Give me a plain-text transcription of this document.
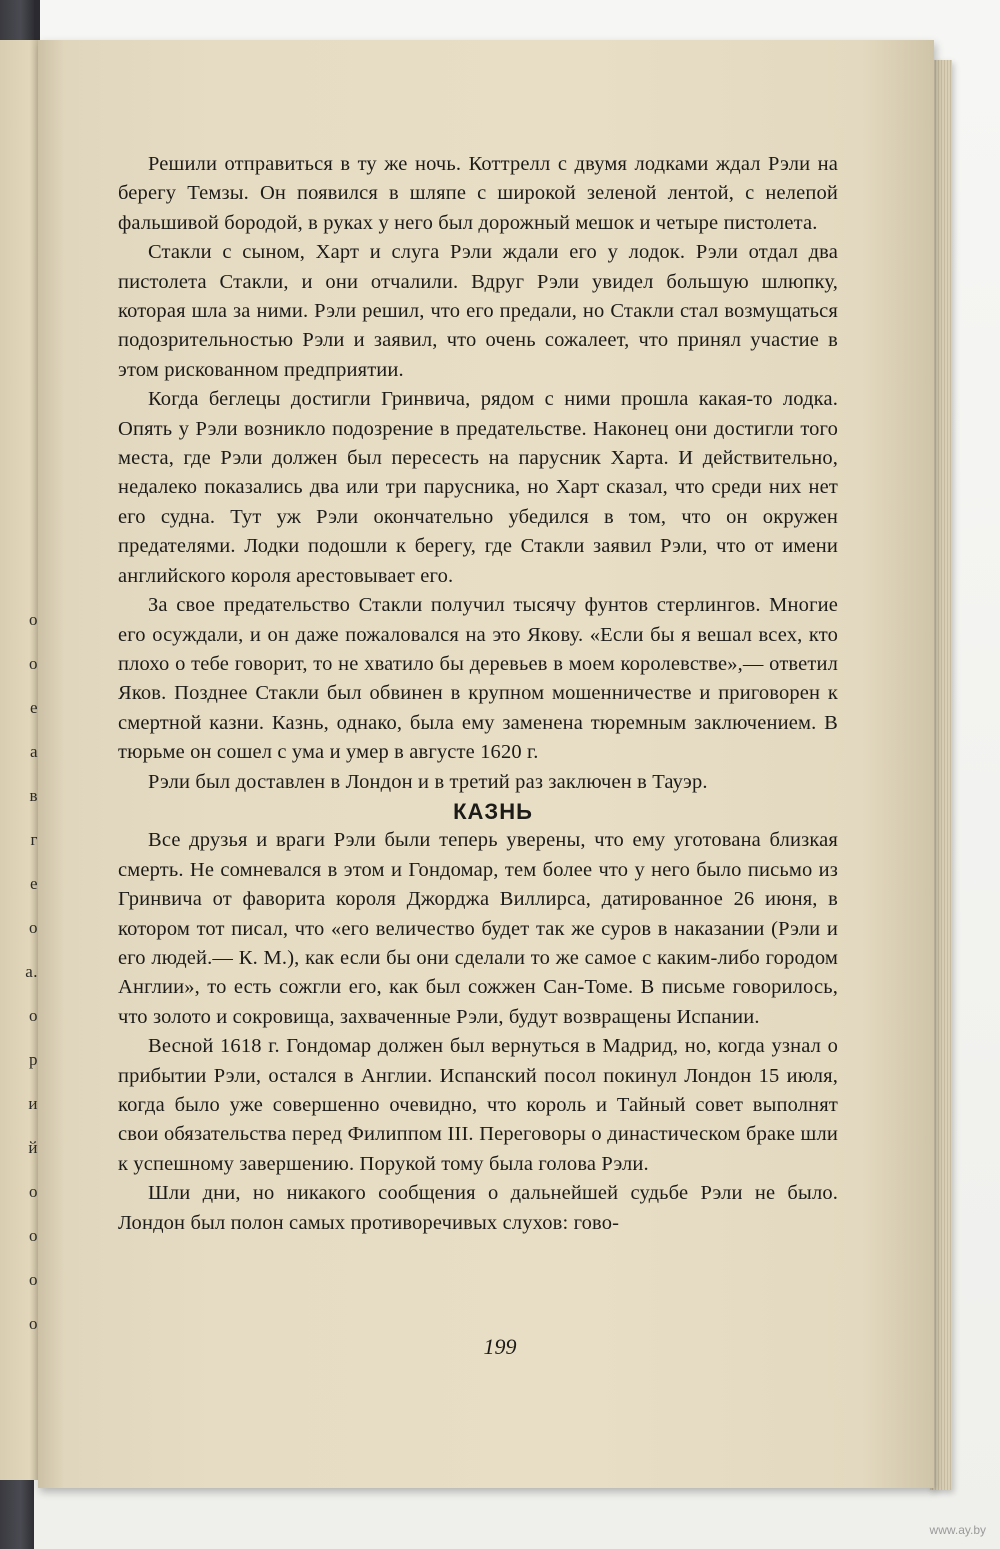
о
о
е
а
в
г
е
о
а.
о
р
и
й
о
о
о
о

Решили отправиться в ту же ночь. Коттрелл с двумя лодками ждал Рэли на берегу Темзы. Он появился в шляпе с широкой зеленой лентой, с нелепой фальшивой бородой, в руках у него был дорожный мешок и четыре пистолета.

Стакли с сыном, Харт и слуга Рэли ждали его у лодок. Рэли отдал два пистолета Стакли, и они отчалили. Вдруг Рэли увидел большую шлюпку, которая шла за ними. Рэли решил, что его предали, но Стакли стал возмущаться подозрительностью Рэли и заявил, что очень сожалеет, что принял участие в этом рискованном предприятии.

Когда беглецы достигли Гринвича, рядом с ними прошла какая-то лодка. Опять у Рэли возникло подозрение в предательстве. Наконец они достигли того места, где Рэли должен был пересесть на парусник Харта. И действительно, недалеко показались два или три парусника, но Харт сказал, что среди них нет его судна. Тут уж Рэли окончательно убедился в том, что он окружен предателями. Лодки подошли к берегу, где Стакли заявил Рэли, что от имени английского короля арестовывает его.

За свое предательство Стакли получил тысячу фунтов стерлингов. Многие его осуждали, и он даже пожаловался на это Якову. «Если бы я вешал всех, кто плохо о тебе говорит, то не хватило бы деревьев в моем королевстве»,— ответил Яков. Позднее Стакли был обвинен в крупном мошенничестве и приговорен к смертной казни. Казнь, однако, была ему заменена тюремным заключением. В тюрьме он сошел с ума и умер в августе 1620 г.

Рэли был доставлен в Лондон и в третий раз заключен в Тауэр.

КАЗНЬ

Все друзья и враги Рэли были теперь уверены, что ему уготована близкая смерть. Не сомневался в этом и Гондомар, тем более что у него было письмо из Гринвича от фаворита короля Джорджа Виллирса, датированное 26 июня, в котором тот писал, что «его величество будет так же суров в наказании (Рэли и его людей.— К. М.), как если бы они сделали то же самое с каким-либо городом Англии», то есть сожгли его, как был сожжен Сан-Томе. В письме говорилось, что золото и сокровища, захваченные Рэли, будут возвращены Испании.

Весной 1618 г. Гондомар должен был вернуться в Мадрид, но, когда узнал о прибытии Рэли, остался в Англии. Испанский посол покинул Лондон 15 июля, когда было уже совершенно очевидно, что король и Тайный совет выполнят свои обязательства перед Филиппом III. Переговоры о династическом браке шли к успешному завершению. Порукой тому была голова Рэли.

Шли дни, но никакого сообщения о дальнейшей судьбе Рэли не было. Лондон был полон самых противоречивых слухов: гово-

199
www.ay.by
